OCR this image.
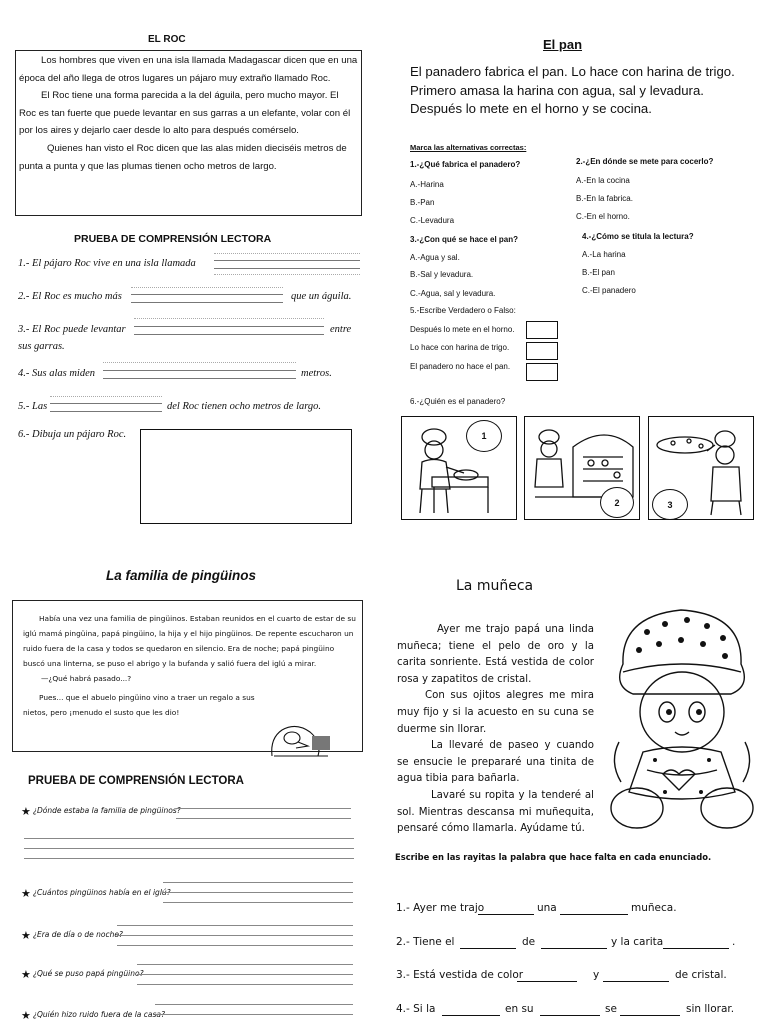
EL ROC
Los hombres que viven en una isla llamada Madagascar dicen que en una época del año llega de otros lugares un pájaro muy extraño llamado Roc.
El Roc tiene una forma parecida a la del águila, pero mucho mayor. El Roc es tan fuerte que puede levantar en sus garras a un elefante, volar con él por los aires y dejarlo caer desde lo alto para después comérselo.
Quienes han visto el Roc dicen que las alas miden dieciséis metros de punta a punta y que las plumas tienen ocho metros de largo.
PRUEBA DE COMPRENSIÓN LECTORA
1.- El pájaro Roc vive en una isla llamada
2.- El Roc es mucho más	que un águila.
3.- El Roc puede levantar	entre
sus garras.
4.- Sus alas miden	metros.
5.- Las	del Roc tienen ocho metros de largo.
6.- Dibuja un pájaro Roc.
El pan
El panadero fabrica el pan. Lo hace con harina de trigo. Primero amasa la harina con agua, sal y levadura. Después lo mete en el horno y se cocina.
Marca las alternativas correctas:
1.-¿Qué fabrica el panadero?
A.-Harina
B.-Pan
C.-Levadura
2.-¿En dónde se mete para cocerlo?
A.-En la cocina
B.-En la fabrica.
C.-En el horno.
3.-¿Con qué se hace el pan?
A.-Agua y sal.
B.-Sal y levadura.
C.-Agua, sal y levadura.
4.-¿Cómo se titula la lectura?
A.-La harina
B.-El pan
C.-El panadero
5.-Escribe Verdadero o Falso:
Después lo mete en el horno.
Lo hace con harina de trigo.
El panadero no hace el pan.
6.-¿Quién es el panadero?
1
2	3
La familia de pingüinos
Había una vez una familia de pingüinos. Estaban reunidos en el cuarto de estar de su iglú mamá pingüina, papá pingüino, la hija y el hijo pingüinos. De repente escucharon un ruido fuera de la casa y todos se quedaron en silencio. Era de noche; papá pingüino buscó una linterna, se puso el abrigo y la bufanda y salió fuera del iglú a mirar.
—¿Qué habrá pasado...?
Pues... que el abuelo pingüino vino a traer un regalo a sus nietos, pero ¡menudo el susto que les dio!
PRUEBA DE COMPRENSIÓN LECTORA
★ ¿Dónde estaba la familia de pingüinos?
★ ¿Cuántos pingüinos había en el iglú?
★ ¿Era de día o de noche?
★ ¿Qué se puso papá pingüino?
★ ¿Quién hizo ruido fuera de la casa?
La muñeca
Ayer me trajo papá una linda muñeca; tiene el pelo de oro y la carita sonriente. Está vestida de color rosa y zapatitos de cristal.
Con sus ojitos alegres me mira muy fijo y si la acuesto en su cuna se duerme sin llorar.
La llevaré de paseo y cuando se ensucie le prepararé una tinita de agua tibia para bañarla.
Lavaré su ropita y la tenderé al sol. Mientras descansa mi muñequita, pensaré cómo llamarla. Ayúdame tú.
Escribe en las rayitas la palabra que hace falta en cada enunciado.
1.- Ayer me trajo	una	muñeca.
2.- Tiene el	de	y la carita	.
3.- Está vestida de color	y	de cristal.
4.- Si la	en su	se	sin llorar.
